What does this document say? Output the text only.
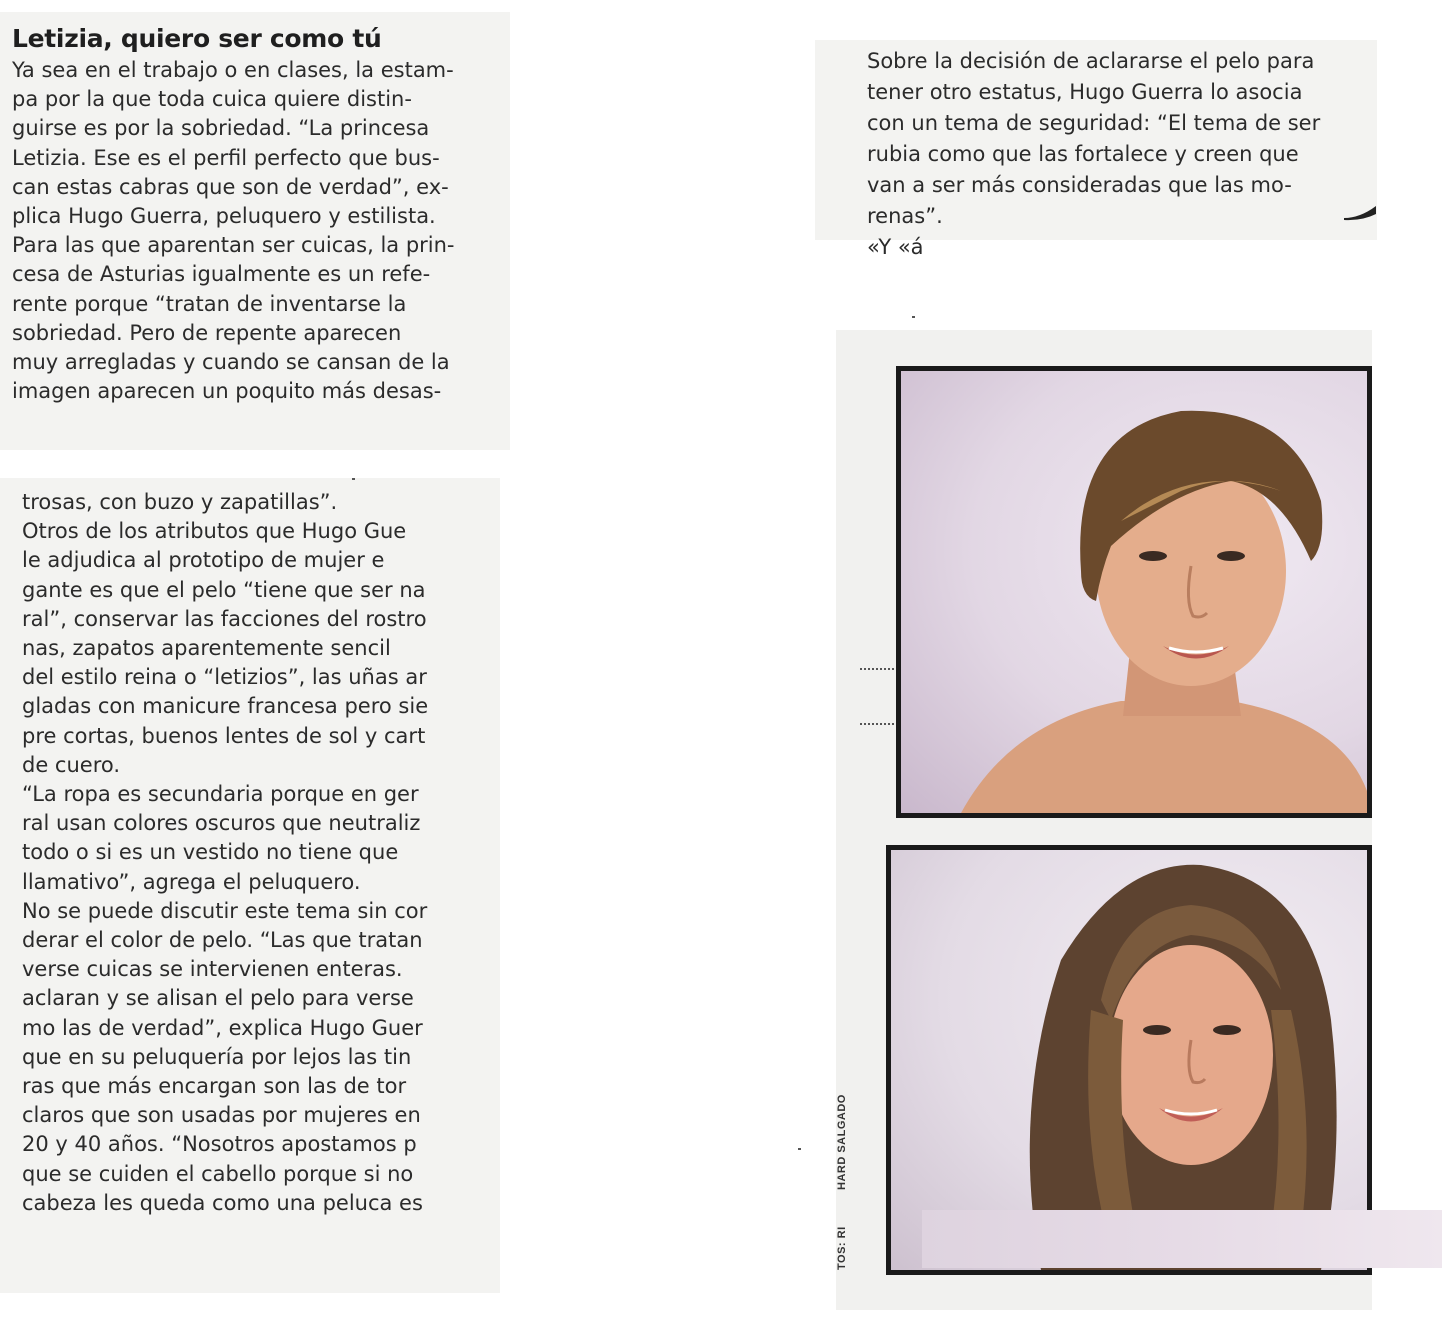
Letizia, quiero ser como tú

Ya sea en el trabajo o en clases, la estam-
pa por la que toda cuica quiere distin-
guirse es por la sobriedad. “La princesa
Letizia. Ese es el perfil perfecto que bus-
can estas cabras que son de verdad”, ex-
plica Hugo Guerra, peluquero y estilista.
Para las que aparentan ser cuicas, la prin-
cesa de Asturias igualmente es un refe-
rente porque “tratan de inventarse la
sobriedad. Pero de repente aparecen
muy arregladas y cuando se cansan de la
imagen aparecen un poquito más desas-

trosas, con buzo y zapatillas”.
Otros de los atributos que Hugo Gue
le adjudica al prototipo de mujer e
gante es que el pelo “tiene que ser na
ral”, conservar las facciones del rostro
nas, zapatos aparentemente sencil
del estilo reina o “letizios”, las uñas ar
gladas con manicure francesa pero sie
pre cortas, buenos lentes de sol y cart
de cuero.
“La ropa es secundaria porque en ger
ral usan colores oscuros que neutraliz
todo o si es un vestido no tiene que
llamativo”, agrega el peluquero.
No se puede discutir este tema sin cor
derar el color de pelo. “Las que tratan
verse cuicas se intervienen enteras.
aclaran y se alisan el pelo para verse
mo las de verdad”, explica Hugo Guer
que en su peluquería por lejos las tin
ras que más encargan son las de tor
claros que son usadas por mujeres en
20 y 40 años. “Nosotros apostamos p
que se cuiden el cabello porque si no
cabeza les queda como una peluca es

Sobre la decisión de aclararse el pelo para
tener otro estatus, Hugo Guerra lo asocia
con un tema de seguridad: “El tema de ser
rubia como que las fortalece y creen que
van a ser más consideradas que las mo-
renas”.
«Y «á

TOS: RIHARD SALGADO
